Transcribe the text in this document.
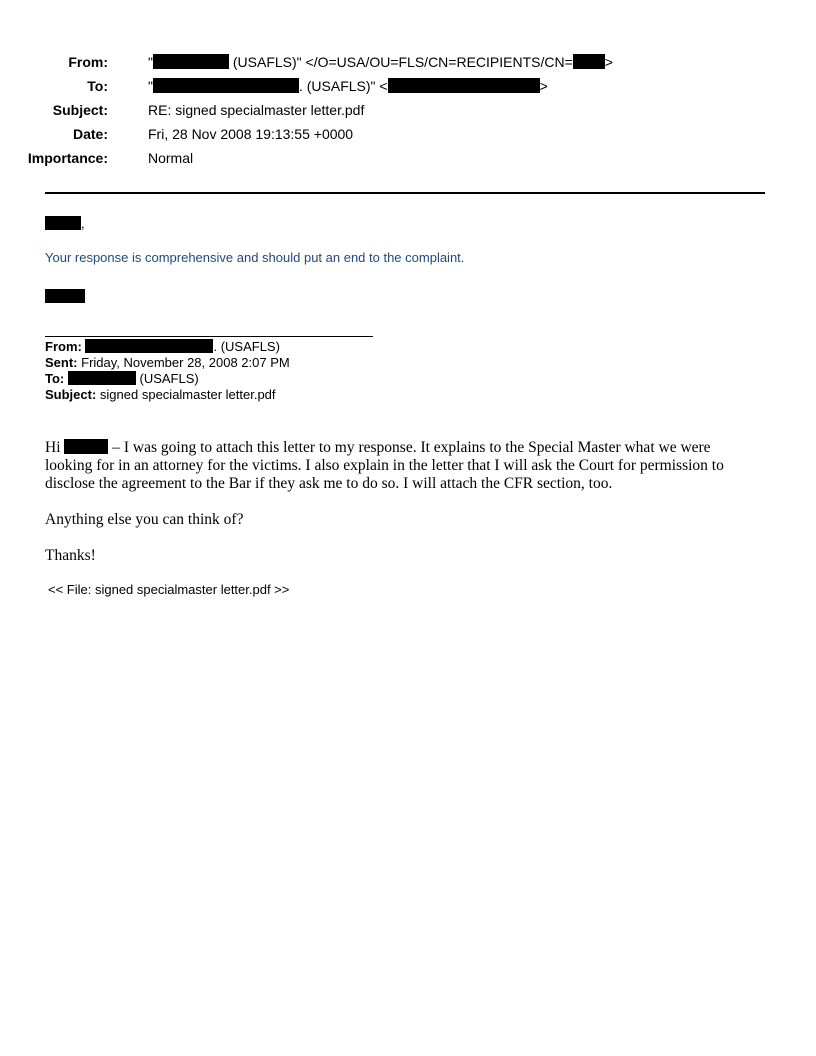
From:	"	(USAFLS)" </O=USA/OU=FLS/CN=RECIPIENTS/CN= >
To:	"	. (USAFLS)" <	>
Subject:	RE: signed specialmaster letter.pdf
Date:	Fri, 28 Nov 2008 19:13:55 +0000
Importance:	Normal
,
Your response is comprehensive and should put an end to the complaint.
From:	. (USAFLS)
Sent: Friday, November 28, 2008 2:07 PM
To:	(USAFLS)
Subject: signed specialmaster letter.pdf
Hi	– I was going to attach this letter to my response. It explains to the Special Master what we were looking for in an attorney for the victims. I also explain in the letter that I will ask the Court for permission to disclose the agreement to the Bar if they ask me to do so. I will attach the CFR section, too.
Anything else you can think of?
Thanks!
<< File: signed specialmaster letter.pdf >>
